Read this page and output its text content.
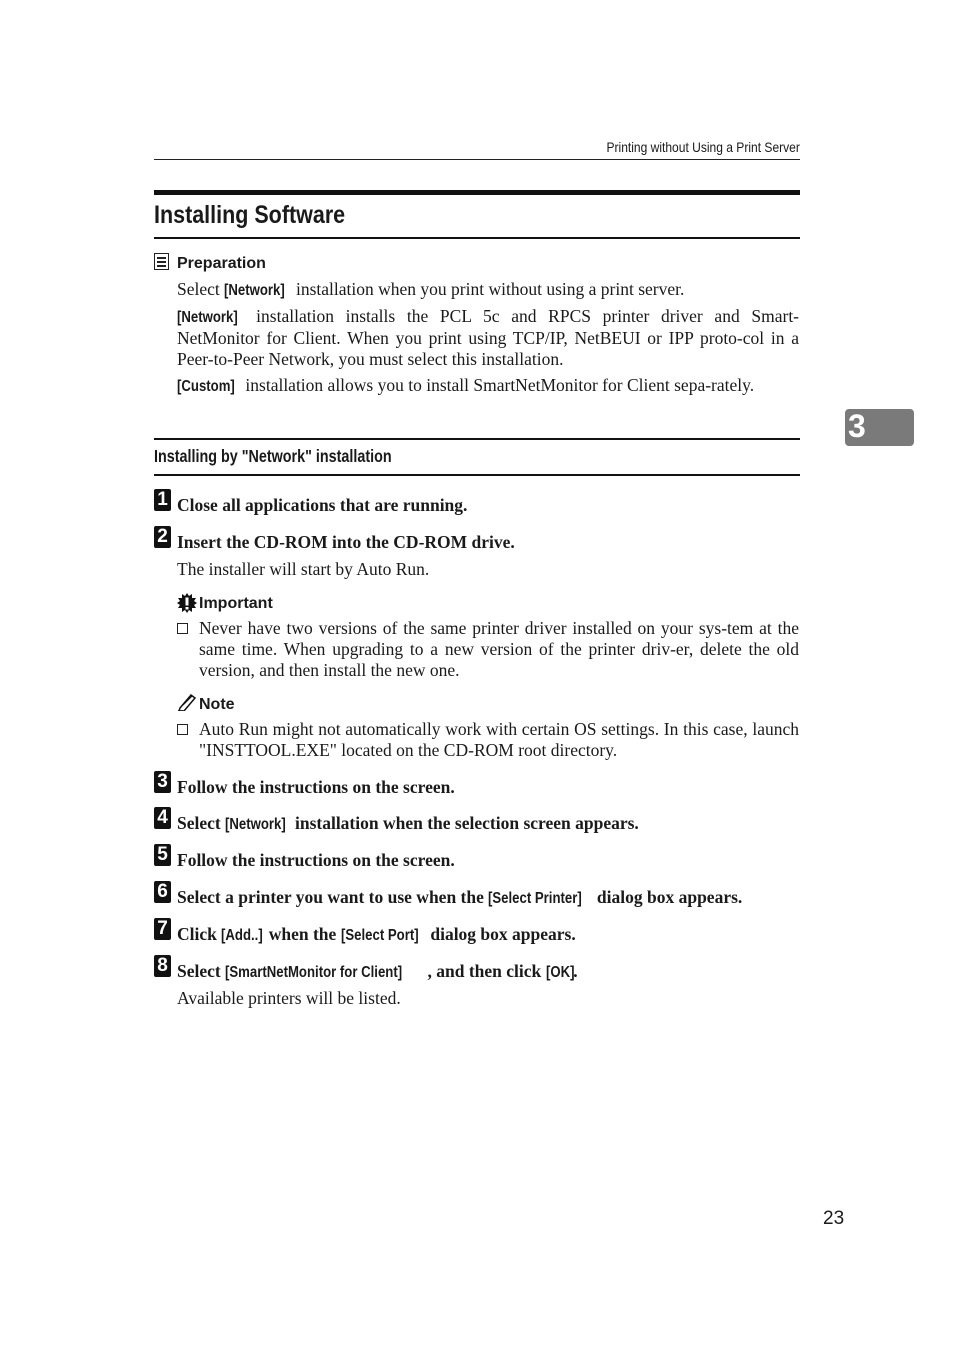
Printing without Using a Print Server
Installing Software
Preparation
Select [Network] installation when you print without using a print server.
[Network] installation installs the PCL 5c and RPCS printer driver and Smart-NetMonitor for Client. When you print using TCP/IP, NetBEUI or IPP proto-col in a Peer-to-Peer Network, you must select this installation.
[Custom] installation allows you to install SmartNetMonitor for Client sepa-rately.
Installing by "Network" installation
1 Close all applications that are running.
2 Insert the CD-ROM into the CD-ROM drive.
The installer will start by Auto Run.
Important
Never have two versions of the same printer driver installed on your sys-tem at the same time. When upgrading to a new version of the printer driv-er, delete the old version, and then install the new one.
Note
Auto Run might not automatically work with certain OS settings. In this case, launch "INSTTOOL.EXE" located on the CD-ROM root directory.
3 Follow the instructions on the screen.
4 Select [Network] installation when the selection screen appears.
5 Follow the instructions on the screen.
6 Select a printer you want to use when the [Select Printer] dialog box appears.
7 Click [Add..] when the [Select Port] dialog box appears.
8 Select [SmartNetMonitor for Client] , and then click [OK].
Available printers will be listed.
3
23
